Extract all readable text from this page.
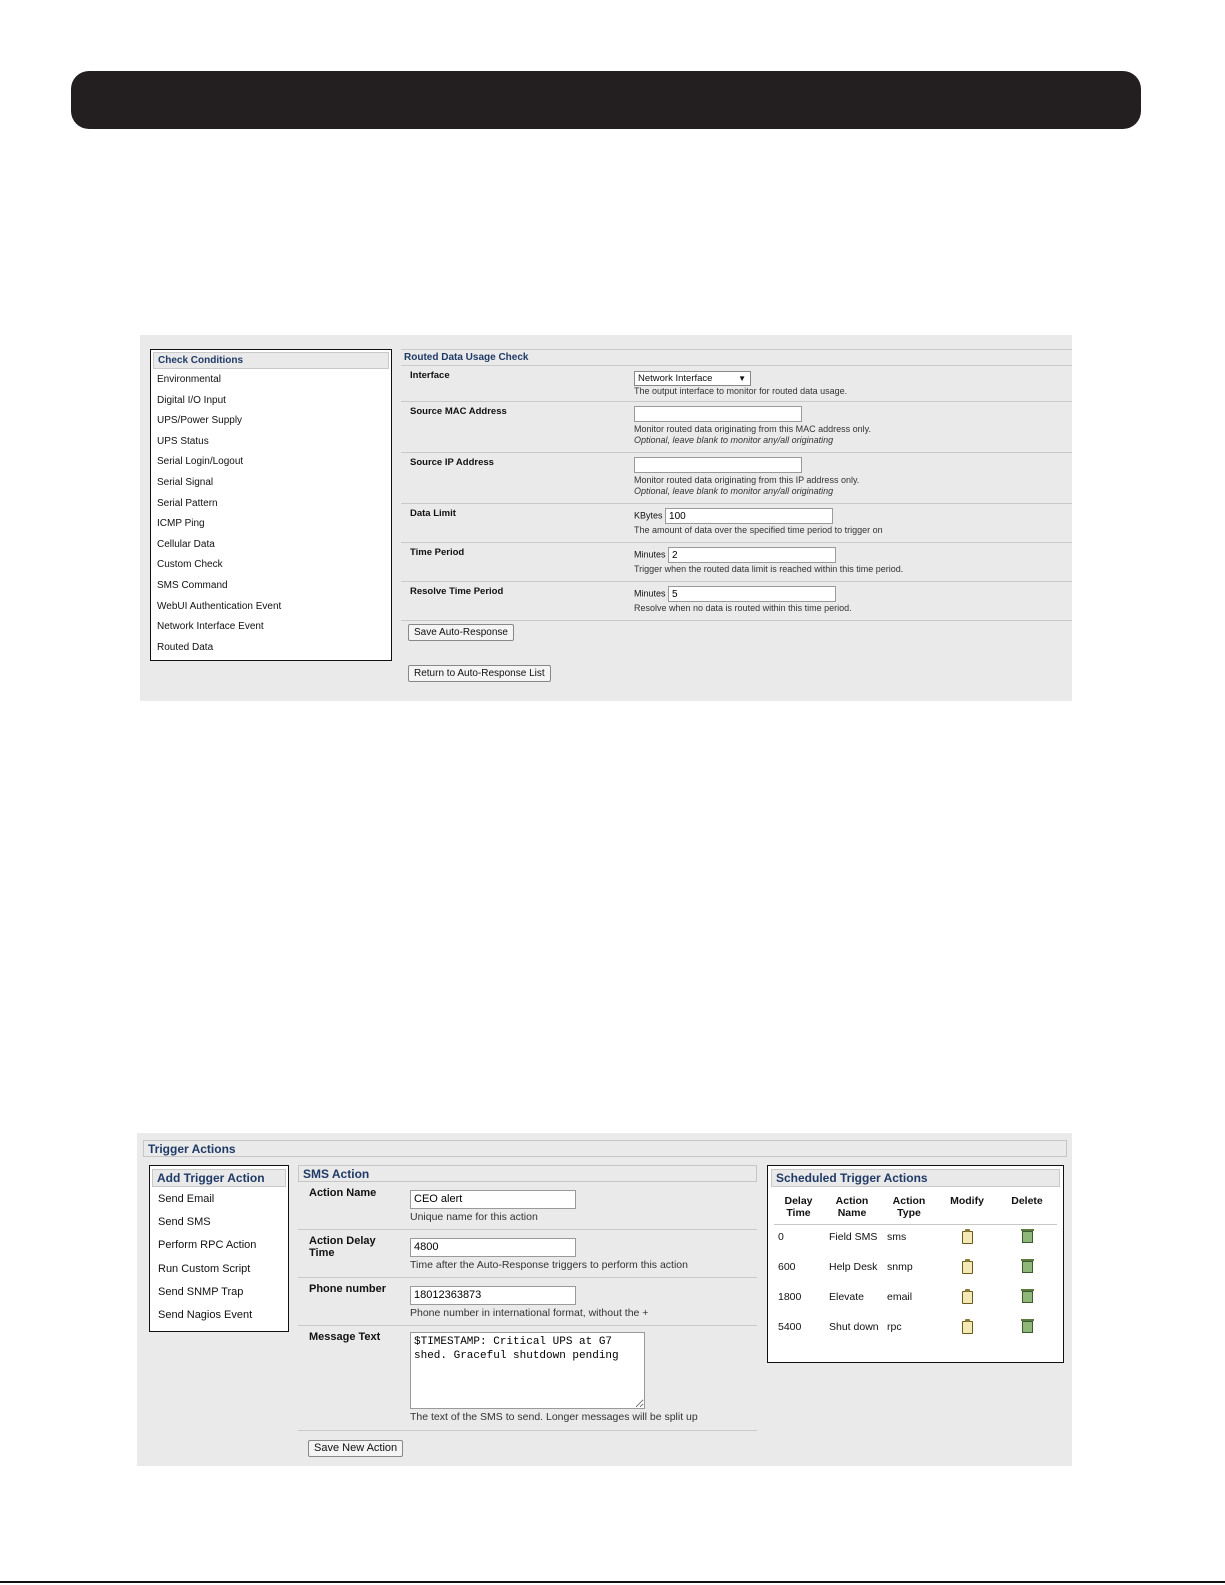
Check Conditions
Environmental
Digital I/O Input
UPS/Power Supply
UPS Status
Serial Login/Logout
Serial Signal
Serial Pattern
ICMP Ping
Cellular Data
Custom Check
SMS Command
WebUI Authentication Event
Network Interface Event
Routed Data
Routed Data Usage Check
Interface	Network Interface	▼
The output interface to monitor for routed data usage.
Source MAC Address
Monitor routed data originating from this MAC address only.
Optional, leave blank to monitor any/all originating
Source IP Address
Monitor routed data originating from this IP address only.
Optional, leave blank to monitor any/all originating
Data Limit	KBytes 100
The amount of data over the specified time period to trigger on
Time Period	Minutes 2
Trigger when the routed data limit is reached within this time period.
Resolve Time Period	Minutes 5
Resolve when no data is routed within this time period.
Save Auto-Response
Return to Auto-Response List
Trigger Actions
Add Trigger Action
Send Email
Send SMS
Perform RPC Action
Run Custom Script
Send SNMP Trap
Send Nagios Event
SMS Action
Action Name
CEO alert
Unique name for this action
Action Delay Time
4800
Time after the Auto-Response triggers to perform this action
Phone number
18012363873
Phone number in international format, without the +
Message Text
$TIMESTAMP: Critical UPS at G7 shed. Graceful shutdown pending
The text of the SMS to send. Longer messages will be split up
Save New Action
Scheduled Trigger Actions
Delay Time	Action Name	Action Type	Modify	Delete
0	Field SMS	sms		
600	Help Desk	snmp		
1800	Elevate	email		
5400	Shut down	rpc		
